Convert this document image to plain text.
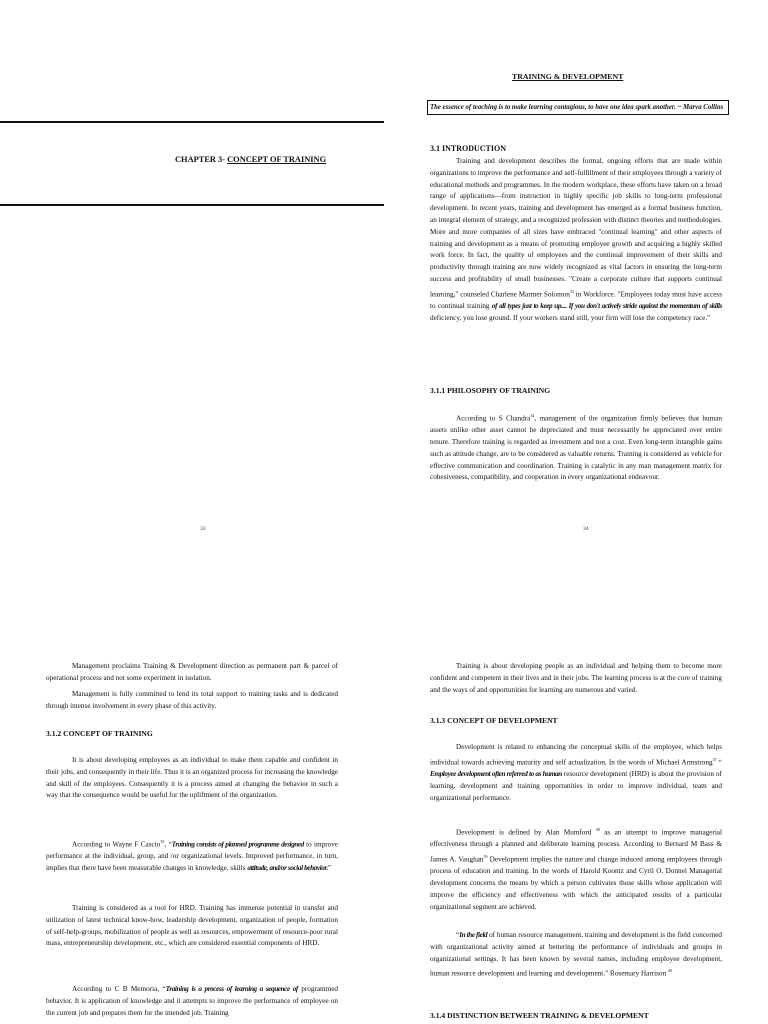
CHAPTER 3- CONCEPT OF TRAINING
33
TRAINING & DEVELOPMENT
The essence of teaching is to make learning contagious, to have one idea spark another. ~ Marva Collins
3.1 INTRODUCTION

Training and development describes the formal, ongoing efforts that are made within organizations to improve the performance and self-fulfillment of their employees through a variety of educational methods and programmes. In the modern workplace, these efforts have taken on a broad range of applications—from instruction in highly specific job skills to long-term professional development. In recent years, training and development has emerged as a formal business function, an integral element of strategy, and a recognized profession with distinct theories and methodologies. More and more companies of all sizes have embraced "continual learning" and other aspects of training and development as a means of promoting employee growth and acquiring a highly skilled work force. In fact, the quality of employees and the continual improvement of their skills and productivity through training are now widely recognized as vital factors in ensuring the long-term success and profitability of small businesses. "Create a corporate culture that supports continual learning," counseled Charlene Marmer Solomon$^{33}$ in Workforce. "Employees today must have access to continual training of all types just to keep up.... If you don't actively stride against the momentum of skills deficiency, you lose ground. If your workers stand still, your firm will lose the competency race."

3.1.1 PHILOSOPHY OF TRAINING

According to S Chandra$^{34}$, management of the organization firmly believes that human assets unlike other asset cannot be depreciated and must necessarily be appreciated over entire tenure. Therefore training is regarded as investment and not a cost. Even long-term intangible gains such as attitude change, are to be considered as valuable returns. Training is considered as vehicle for effective communication and coordination. Training is catalytic in any man management matrix for cohesiveness, compatibility, and cooperation in every organizational endeavour.

34

Management proclaims Training & Development direction as permanent part & parcel of operational process and not some experiment in isolation.

Management is fully committed to lend its total support to training tasks and is dedicated through intense involvement in every phase of this activity.

3.1.2 CONCEPT OF TRAINING

It is about developing employees as an individual to make them capable and confident in their jobs, and consequently in their life. Thus it is an organized process for increasing the knowledge and skill of the employees. Consequently it is a process aimed at changing the behavior in such a way that the consequence would be useful for the upliftment of the organization.

According to Wayne F Cascio$^{35}$, “Training consists of planned programme designed to improve performance at the individual, group, and /or organizational levels. Improved performance, in turn, implies that there have been measurable changes in knowledge, skills attitude, and/or social behavior.”

Training is considered as a tool for HRD. Training has immense potential in transfer and utilization of latest technical know-how, leadership development, organization of people, formation of self-help-groups, mobilization of people as well as resources, empowerment of resource-poor rural mass, entrepreneurship development, etc., which are considered essential components of HRD.

According to C B Memoria, “Training is a process of learning a sequence of programmed behavior. It is application of knowledge and it attempts to improve the performance of employee on the current job and prepares them for the intended job. Training

Training is about developing people as an individual and helping them to become more confident and competent in their lives and in their jobs. The learning process is at the core of training and the ways of and opportunities for learning are numerous and varied.

3.1.3 CONCEPT OF DEVELOPMENT

Development is related to enhancing the conceptual skills of the employee, which helps individual towards achieving maturity and self actualization. In the words of Michael Armstrong$^{37}$ “ Employee development often referred to as human resource development (HRD) is about the provision of learning, development and training opportunities in order to improve individual, team and organizational performance.

Development is defined by Alan Mumford $^{38}$ as an attempt to improve managerial effectiveness through a planned and deliberate learning process. According to Bernard M Bass & James A. Vaughan$^{39}$ Development implies the nature and change induced among employees through process of education and training. In the words of Harold Koontz and Cyril O. Donnel Managerial development concerns the means by which a person cultivates those skills whose application will improve the efficiency and effectiveness with which the anticipated results of a particular organizational segment are achieved.

“In the field of human resource management, training and development is the field concerned with organizational activity aimed at bettering the performance of individuals and groups in organizational settings. It has been known by several names, including employee development, human resource development and learning and development.” Rosemary Harrison $^{40}$

3.1.4 DISTINCTION BETWEEN TRAINING & DEVELOPMENT
